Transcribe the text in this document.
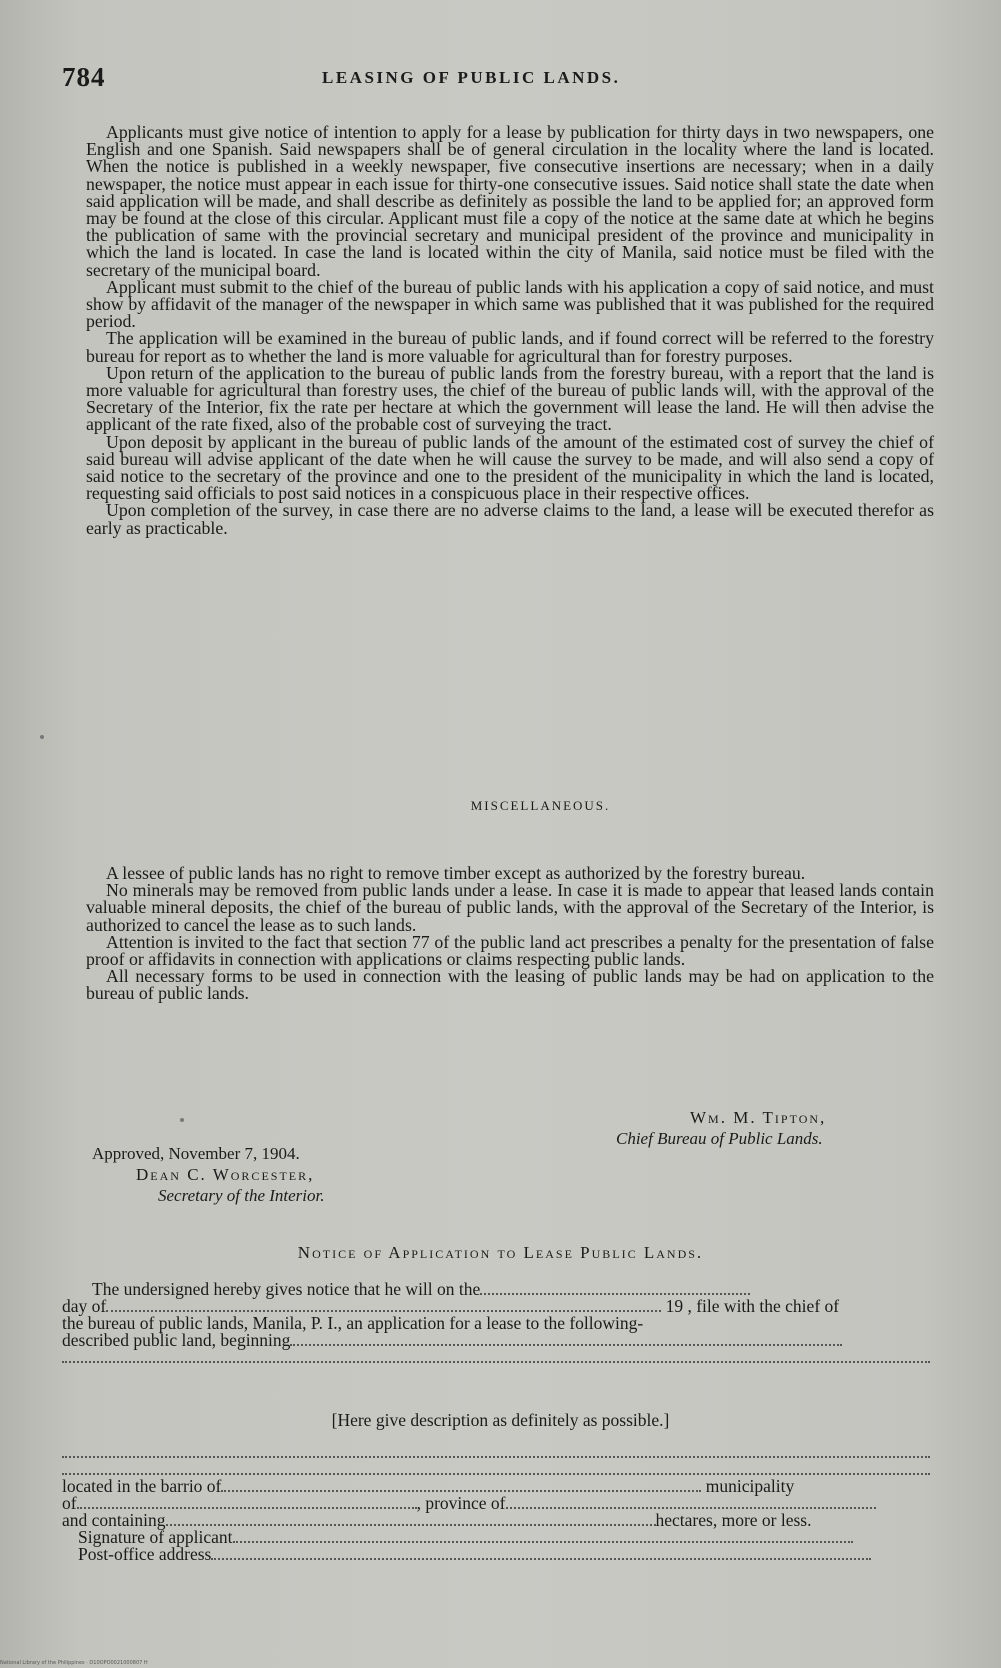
784	LEASING OF PUBLIC LANDS.

Applicants must give notice of intention to apply for a lease by publication for thirty days in two newspapers, one English and one Spanish. Said newspapers shall be of general circulation in the locality where the land is located. When the notice is published in a weekly newspaper, five consecutive insertions are necessary; when in a daily newspaper, the notice must appear in each issue for thirty-one consecutive issues. Said notice shall state the date when said application will be made, and shall describe as definitely as possible the land to be applied for; an approved form may be found at the close of this circular. Applicant must file a copy of the notice at the same date at which he begins the publication of same with the provincial secretary and municipal president of the province and municipality in which the land is located. In case the land is located within the city of Manila, said notice must be filed with the secretary of the municipal board.

Applicant must submit to the chief of the bureau of public lands with his application a copy of said notice, and must show by affidavit of the manager of the newspaper in which same was published that it was published for the required period.

The application will be examined in the bureau of public lands, and if found correct will be referred to the forestry bureau for report as to whether the land is more valuable for agricultural than for forestry purposes.

Upon return of the application to the bureau of public lands from the forestry bureau, with a report that the land is more valuable for agricultural than forestry uses, the chief of the bureau of public lands will, with the approval of the Secretary of the Interior, fix the rate per hectare at which the government will lease the land. He will then advise the applicant of the rate fixed, also of the probable cost of surveying the tract.

Upon deposit by applicant in the bureau of public lands of the amount of the estimated cost of survey the chief of said bureau will advise applicant of the date when he will cause the survey to be made, and will also send a copy of said notice to the secretary of the province and one to the president of the municipality in which the land is located, requesting said officials to post said notices in a conspicuous place in their respective offices.

Upon completion of the survey, in case there are no adverse claims to the land, a lease will be executed therefor as early as practicable.

MISCELLANEOUS.

A lessee of public lands has no right to remove timber except as authorized by the forestry bureau.

No minerals may be removed from public lands under a lease. In case it is made to appear that leased lands contain valuable mineral deposits, the chief of the bureau of public lands, with the approval of the Secretary of the Interior, is authorized to cancel the lease as to such lands.

Attention is invited to the fact that section 77 of the public land act prescribes a penalty for the presentation of false proof or affidavits in connection with applications or claims respecting public lands.

All necessary forms to be used in connection with the leasing of public lands may be had on application to the bureau of public lands.

Wm. M. Tipton,
Chief Bureau of Public Lands.
Approved, November 7, 1904.
Dean C. Worcester,
Secretary of the Interior.
Notice of Application to Lease Public Lands.
The undersigned hereby gives notice that he will on the
day of	19 , file with the chief of
the bureau of public lands, Manila, P. I., an application for a lease to the following-
described public land, beginning
[Here give description as definitely as possible.]
located in the barrio of	municipality
of	, province of
and containing	hectares, more or less.
Signature of applicant
Post-office address
National Library of the Philippines · D10OPO0021000807 H
